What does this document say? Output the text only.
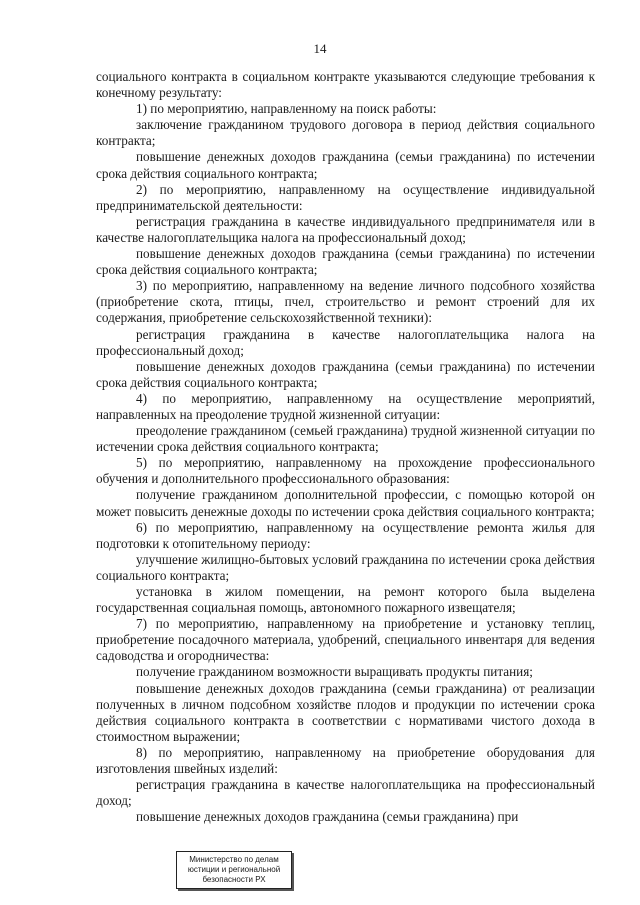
14

социального контракта в социальном контракте указываются следующие требования к конечному результату:

1) по мероприятию, направленному на поиск работы:

заключение гражданином трудового договора в период действия социального контракта;

повышение денежных доходов гражданина (семьи гражданина) по истечении срока действия социального контракта;

2) по мероприятию, направленному на осуществление индивидуальной предпринимательской деятельности:

регистрация гражданина в качестве индивидуального предпринимателя или в качестве налогоплательщика налога на профессиональный доход;

повышение денежных доходов гражданина (семьи гражданина) по истечении срока действия социального контракта;

3) по мероприятию, направленному на ведение личного подсобного хозяйства (приобретение скота, птицы, пчел, строительство и ремонт строений для их содержания, приобретение сельскохозяйственной техники):

регистрация гражданина в качестве налогоплательщика налога на профессиональный доход;

повышение денежных доходов гражданина (семьи гражданина) по истечении срока действия социального контракта;

4) по мероприятию, направленному на осуществление мероприятий, направленных на преодоление трудной жизненной ситуации:

преодоление гражданином (семьей гражданина) трудной жизненной ситуации по истечении срока действия социального контракта;

5) по мероприятию, направленному на прохождение профессионального обучения и дополнительного профессионального образования:

получение гражданином дополнительной профессии, с помощью которой он может повысить денежные доходы по истечении срока действия социального контракта;

6) по мероприятию, направленному на осуществление ремонта жилья для подготовки к отопительному периоду:

улучшение жилищно-бытовых условий гражданина по истечении срока действия социального контракта;

установка в жилом помещении, на ремонт которого была выделена государственная социальная помощь, автономного пожарного извещателя;

7) по мероприятию, направленному на приобретение и установку теплиц, приобретение посадочного материала, удобрений, специального инвентаря для ведения садоводства и огородничества:

получение гражданином возможности выращивать продукты питания;

повышение денежных доходов гражданина (семьи гражданина) от реализации полученных в личном подсобном хозяйстве плодов и продукции по истечении срока действия социального контракта в соответствии с нормативами чистого дохода в стоимостном выражении;

8) по мероприятию, направленному на приобретение оборудования для изготовления швейных изделий:

регистрация гражданина в качестве налогоплательщика на профессиональный доход;

повышение денежных доходов гражданина (семьи гражданина) при

Министерство по делам
юстиции и региональной
безопасности РХ
